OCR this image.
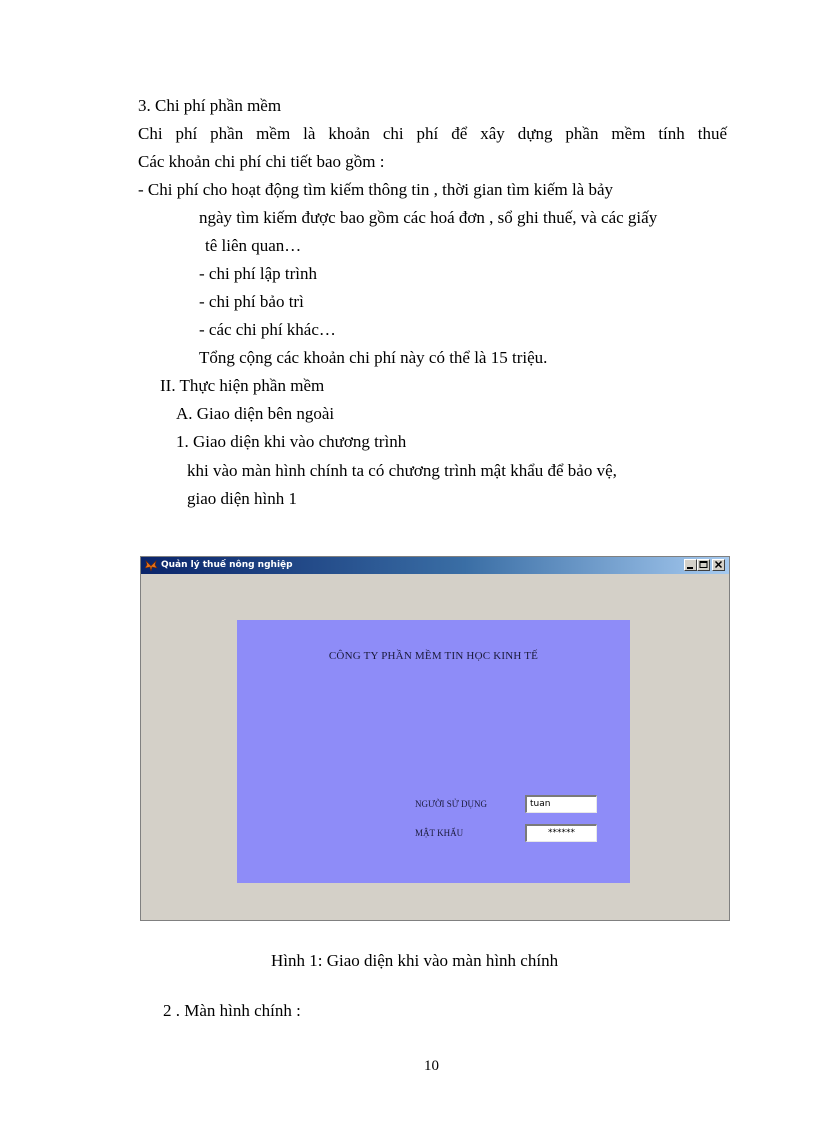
3. Chi phí phần mềm
Chi phí phần mềm là khoản chi phí để xây dựng phần mềm tính thuế
Các khoản chi phí chi tiết bao gồm :
- Chi phí cho hoạt động tìm kiếm thông tin , thời gian tìm kiếm là bảy
ngày tìm kiếm được bao gồm các hoá đơn , sổ ghi thuế, và các giấy
tê liên quan…
- chi phí lập trình
- chi phí bảo trì
- các chi phí khác…
Tổng cộng các khoản chi phí này có thể là 15 triệu.
II. Thực hiện phần mềm
A. Giao diện bên ngoài
1. Giao diện khi vào chương trình
khi vào màn hình chính ta có chương trình mật khẩu để bảo vệ,
giao diện hình 1
Quản lý thuế nông nghiệp
CÔNG TY PHẦN MỀM TIN HỌC KINH TẾ
NGƯỜI SỬ DỤNG	tuan
MẬT KHẨU	******
Hình 1: Giao diện khi vào màn hình chính
2 . Màn hình chính :
10
